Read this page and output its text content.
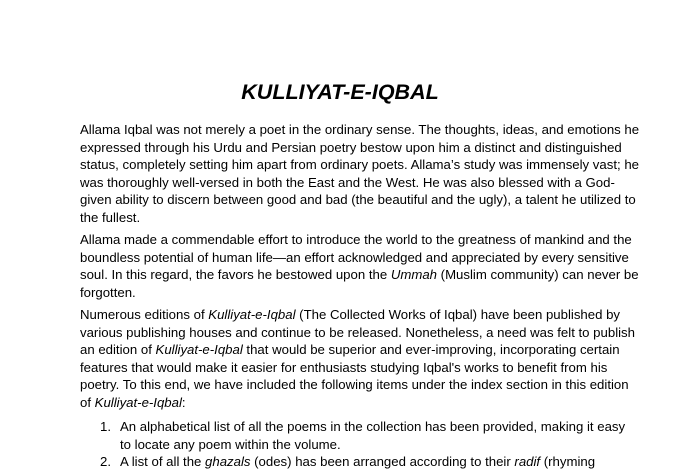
KULLIYAT-E-IQBAL

Allama Iqbal was not merely a poet in the ordinary sense. The thoughts, ideas, and emotions he
expressed through his Urdu and Persian poetry bestow upon him a distinct and distinguished
status, completely setting him apart from ordinary poets. Allama’s study was immensely vast; he
was thoroughly well-versed in both the East and the West. He was also blessed with a God-
given ability to discern between good and bad (the beautiful and the ugly), a talent he utilized to
the fullest.

Allama made a commendable effort to introduce the world to the greatness of mankind and the
boundless potential of human life—an effort acknowledged and appreciated by every sensitive
soul. In this regard, the favors he bestowed upon the Ummah (Muslim community) can never be
forgotten.

Numerous editions of Kulliyat-e-Iqbal (The Collected Works of Iqbal) have been published by
various publishing houses and continue to be released. Nonetheless, a need was felt to publish
an edition of Kulliyat-e-Iqbal that would be superior and ever-improving, incorporating certain
features that would make it easier for enthusiasts studying Iqbal's works to benefit from his
poetry. To this end, we have included the following items under the index section in this edition
of Kulliyat-e-Iqbal:

1. An alphabetical list of all the poems in the collection has been provided, making it easy
to locate any poem within the volume.
2. A list of all the ghazals (odes) has been arranged according to their radif (rhyming
